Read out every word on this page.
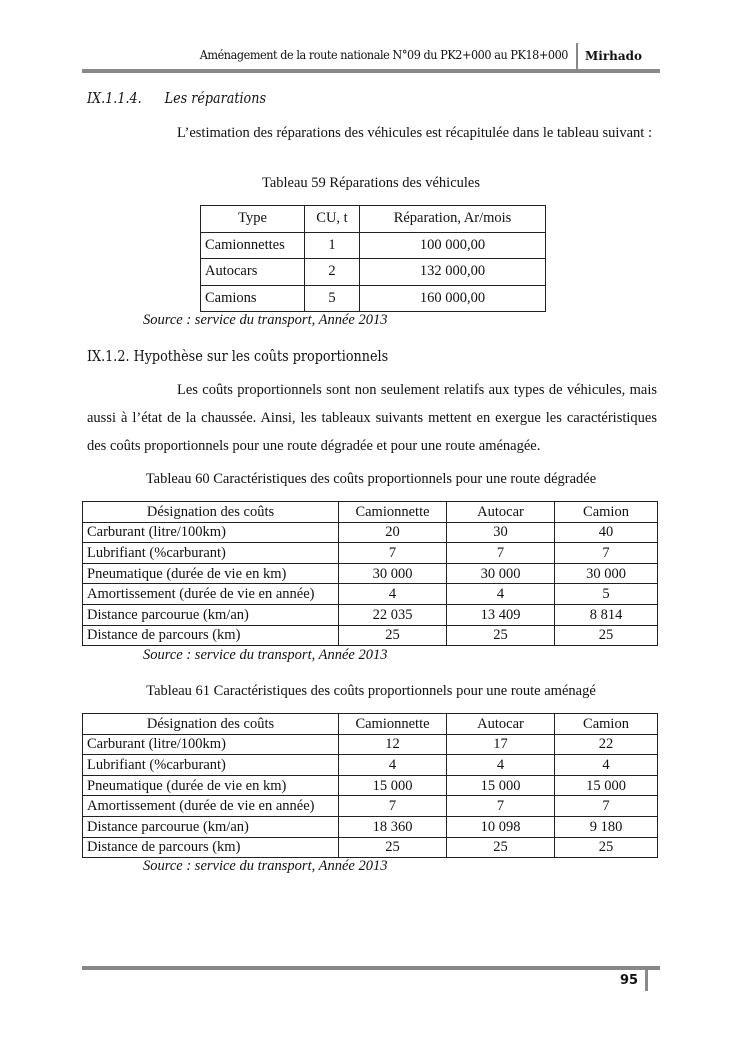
Aménagement de la route nationale N°09 du PK2+000 au PK18+000 Mirhado
IX.1.1.4. Les réparations
L’estimation des réparations des véhicules est récapitulée dans le tableau suivant :
Tableau 59 Réparations des véhicules
Type	CU, t	Réparation, Ar/mois
Camionnettes	1	100 000,00
Autocars	2	132 000,00
Camions	5	160 000,00
Source : service du transport, Année 2013
IX.1.2. Hypothèse sur les coûts proportionnels
Les coûts proportionnels sont non seulement relatifs aux types de véhicules, mais aussi à l’état de la chaussée. Ainsi, les tableaux suivants mettent en exergue les caractéristiques des coûts proportionnels pour une route dégradée et pour une route aménagée.
Tableau 60 Caractéristiques des coûts proportionnels pour une route dégradée
Désignation des coûts	Camionnette	Autocar	Camion
Carburant (litre/100km)	20	30	40
Lubrifiant (%carburant)	7	7	7
Pneumatique (durée de vie en km)	30 000	30 000	30 000
Amortissement (durée de vie en année)	4	4	5
Distance parcourue (km/an)	22 035	13 409	8 814
Distance de parcours (km)	25	25	25
Source : service du transport, Année 2013
Tableau 61 Caractéristiques des coûts proportionnels pour une route aménagé
Désignation des coûts	Camionnette	Autocar	Camion
Carburant (litre/100km)	12	17	22
Lubrifiant (%carburant)	4	4	4
Pneumatique (durée de vie en km)	15 000	15 000	15 000
Amortissement (durée de vie en année)	7	7	7
Distance parcourue (km/an)	18 360	10 098	9 180
Distance de parcours (km)	25	25	25
Source : service du transport, Année 2013
95
